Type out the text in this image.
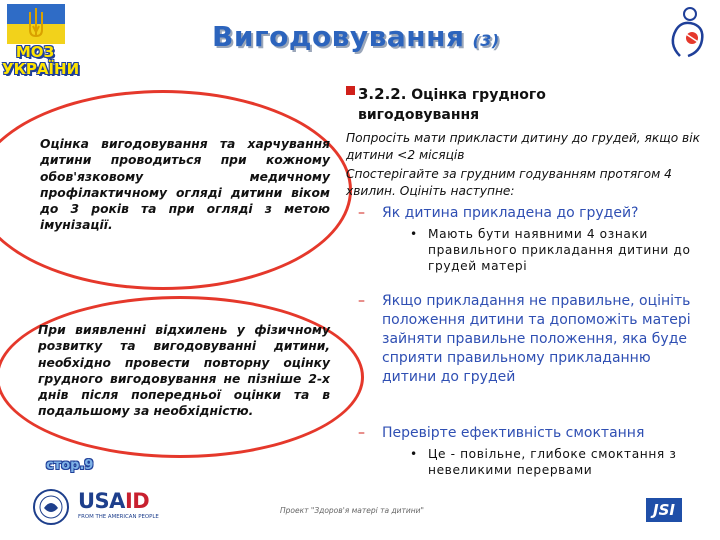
МОЗ
УКРАЇНИ
Вигодовування (3)
Оцінка вигодовування та харчування дитини проводиться при кожному обов'язковому медичному профілактичному огляді дитини віком до 3 років та при огляді з метою імунізації.
При виявленні відхилень у фізичному розвитку та вигодовуванні дитини, необхідно провести повторну оцінку грудного вигодовування не пізніше 2-х днів після попередньої оцінки та в подальшому за необхідністю.
стор.9
3.2.2. Оцінка грудного вигодовування
Попросіть мати прикласти дитину до грудей, якщо вік дитини <2 місяців
Спостерігайте за грудним годуванням протягом 4 хвилин. Оцініть наступне:
– Як дитина прикладена до грудей?
• Мають бути наявними 4 ознаки правильного прикладання дитини до грудей матері
– Якщо прикладання не правильне, оцініть положення дитини та допоможіть матері зайняти правильне положення, яка буде сприяти правильному прикладанню дитини до грудей
– Перевірте ефективність смоктання
• Це - повільне, глибоке смоктання з невеликими перервами
USAID
FROM THE AMERICAN PEOPLE
Проект "Здоров'я матері та дитини"	JSI
